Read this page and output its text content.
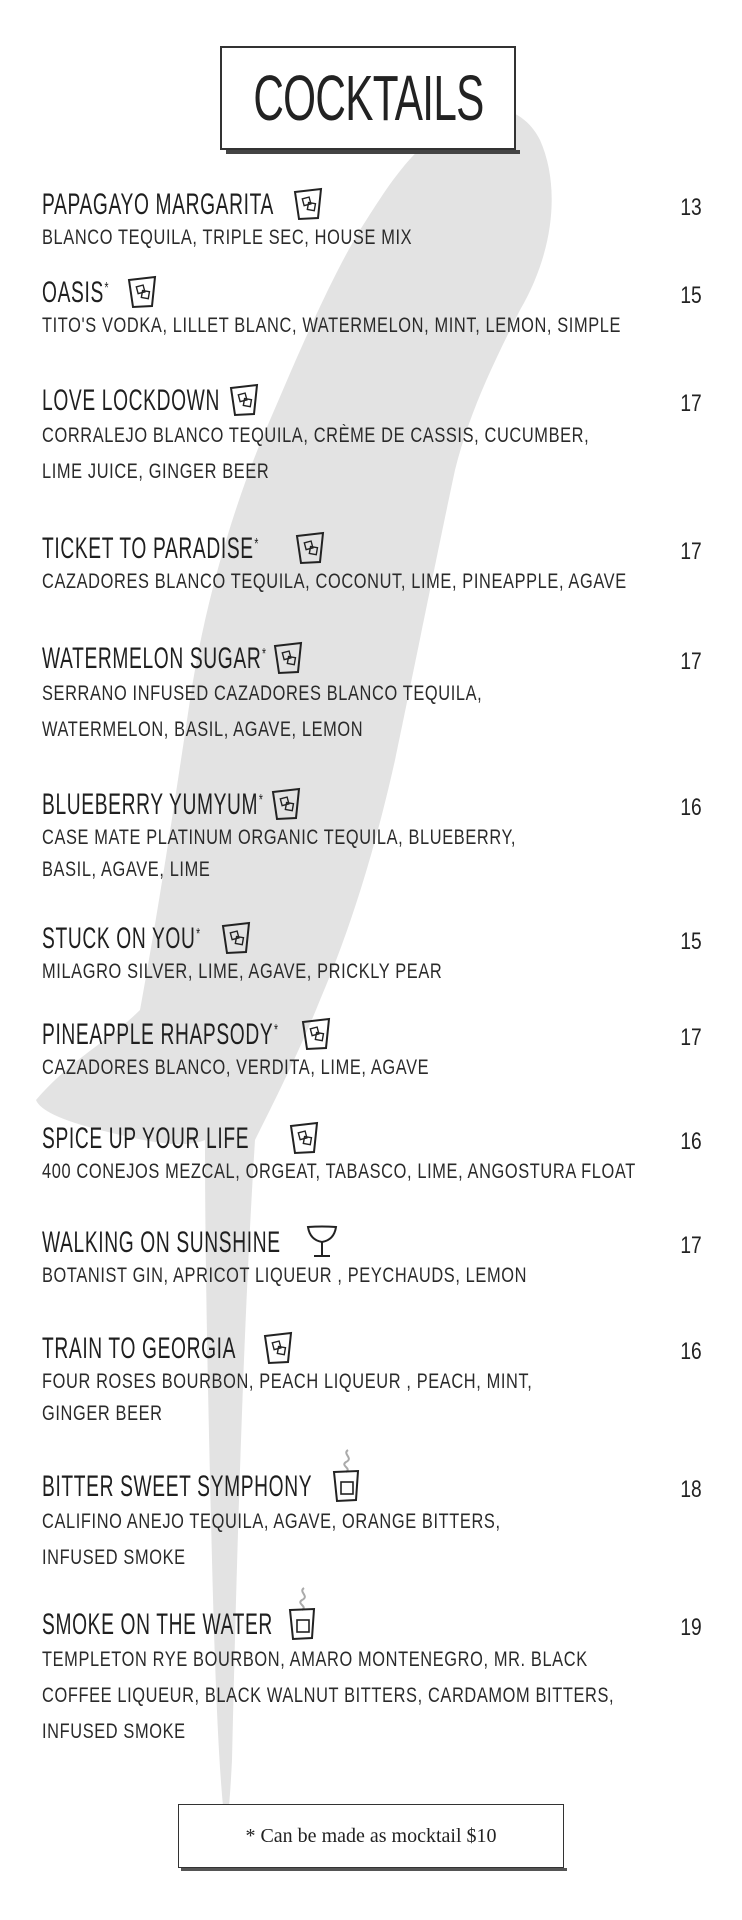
COCKTAILS
PAPAGAYO MARGARITA	13
BLANCO TEQUILA, TRIPLE SEC, HOUSE MIX
OASIS*	15
TITO'S VODKA, LILLET BLANC, WATERMELON, MINT, LEMON, SIMPLE
LOVE LOCKDOWN	17
CORRALEJO BLANCO TEQUILA, CRÈME DE CASSIS, CUCUMBER,
LIME JUICE, GINGER BEER
TICKET TO PARADISE*	17
CAZADORES BLANCO TEQUILA, COCONUT, LIME, PINEAPPLE, AGAVE
WATERMELON SUGAR*	17
SERRANO INFUSED CAZADORES BLANCO TEQUILA,
WATERMELON, BASIL, AGAVE, LEMON
BLUEBERRY YUMYUM*	16
CASE MATE PLATINUM ORGANIC TEQUILA, BLUEBERRY,
BASIL, AGAVE, LIME
STUCK ON YOU*	15
MILAGRO SILVER, LIME, AGAVE, PRICKLY PEAR
PINEAPPLE RHAPSODY*	17
CAZADORES BLANCO, VERDITA, LIME, AGAVE
SPICE UP YOUR LIFE	16
400 CONEJOS MEZCAL, ORGEAT, TABASCO, LIME, ANGOSTURA FLOAT
WALKING ON SUNSHINE	17
BOTANIST GIN, APRICOT LIQUEUR , PEYCHAUDS, LEMON
TRAIN TO GEORGIA	16
FOUR ROSES BOURBON, PEACH LIQUEUR , PEACH, MINT,
GINGER BEER
BITTER SWEET SYMPHONY	18
CALIFINO ANEJO TEQUILA, AGAVE, ORANGE BITTERS,
INFUSED SMOKE
SMOKE ON THE WATER	19
TEMPLETON RYE BOURBON, AMARO MONTENEGRO, MR. BLACK
COFFEE LIQUEUR, BLACK WALNUT BITTERS, CARDAMOM BITTERS,
INFUSED SMOKE
* Can be made as mocktail $10
